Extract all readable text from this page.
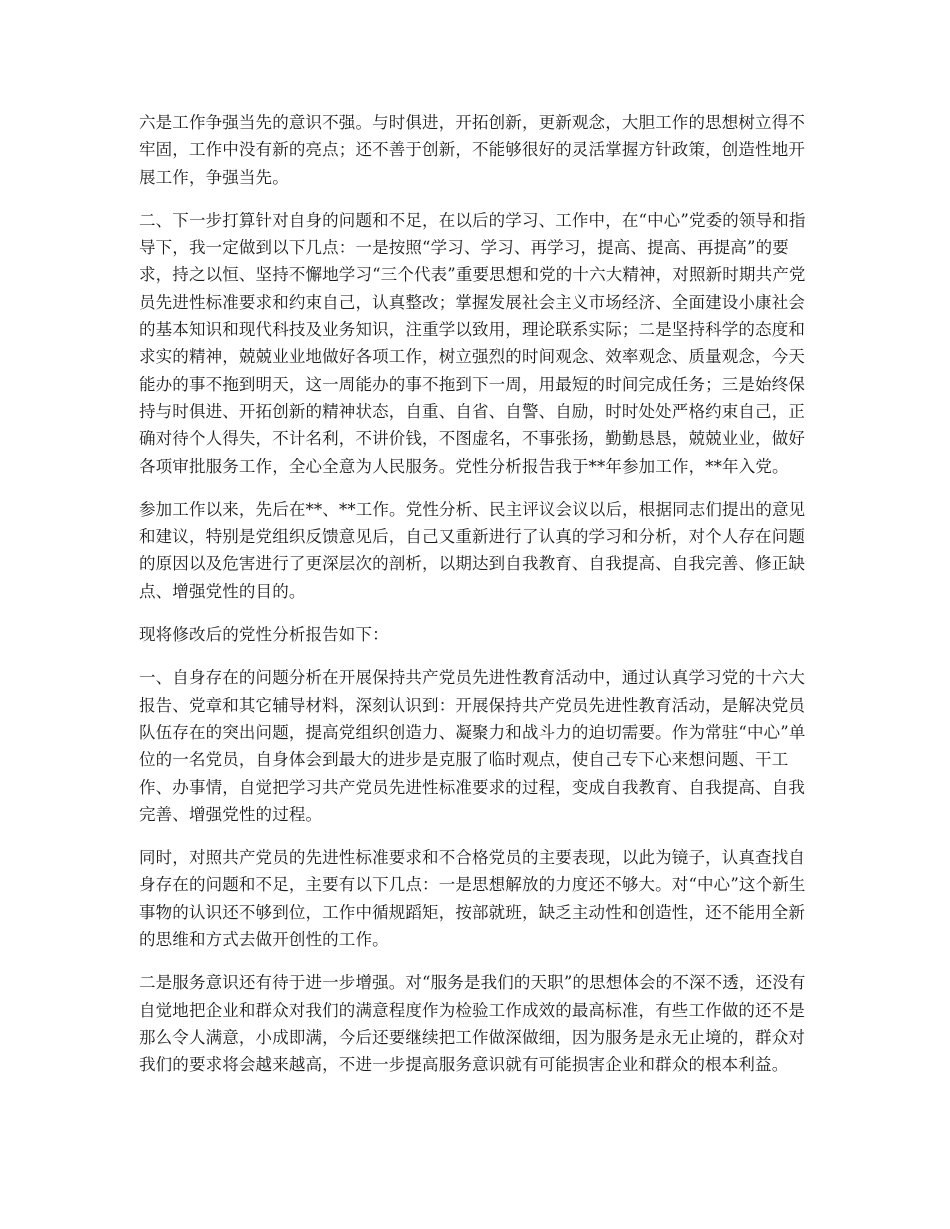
六是工作争强当先的意识不强。与时俱进，开拓创新，更新观念，大胆工作的思想树立得不牢固，工作中没有新的亮点；还不善于创新，不能够很好的灵活掌握方针政策，创造性地开展工作，争强当先。

二、下一步打算针对自身的问题和不足，在以后的学习、工作中，在“中心”党委的领导和指导下，我一定做到以下几点：一是按照“学习、学习、再学习，提高、提高、再提高”的要求，持之以恒、坚持不懈地学习“三个代表”重要思想和党的十六大精神，对照新时期共产党员先进性标准要求和约束自己，认真整改；掌握发展社会主义市场经济、全面建设小康社会的基本知识和现代科技及业务知识，注重学以致用，理论联系实际；二是坚持科学的态度和求实的精神，兢兢业业地做好各项工作，树立强烈的时间观念、效率观念、质量观念，今天能办的事不拖到明天，这一周能办的事不拖到下一周，用最短的时间完成任务；三是始终保持与时俱进、开拓创新的精神状态，自重、自省、自警、自励，时时处处严格约束自己，正确对待个人得失，不计名利，不讲价钱，不图虚名，不事张扬，勤勤恳恳，兢兢业业，做好各项审批服务工作，全心全意为人民服务。党性分析报告我于**年参加工作，**年入党。

参加工作以来，先后在**、**工作。党性分析、民主评议会议以后，根据同志们提出的意见和建议，特别是党组织反馈意见后，自己又重新进行了认真的学习和分析，对个人存在问题的原因以及危害进行了更深层次的剖析，以期达到自我教育、自我提高、自我完善、修正缺点、增强党性的目的。

现将修改后的党性分析报告如下：

一、自身存在的问题分析在开展保持共产党员先进性教育活动中，通过认真学习党的十六大报告、党章和其它辅导材料，深刻认识到：开展保持共产党员先进性教育活动，是解决党员队伍存在的突出问题，提高党组织创造力、凝聚力和战斗力的迫切需要。作为常驻“中心”单位的一名党员，自身体会到最大的进步是克服了临时观点，使自己专下心来想问题、干工作、办事情，自觉把学习共产党员先进性标准要求的过程，变成自我教育、自我提高、自我完善、增强党性的过程。

同时，对照共产党员的先进性标准要求和不合格党员的主要表现，以此为镜子，认真查找自身存在的问题和不足，主要有以下几点：一是思想解放的力度还不够大。对“中心”这个新生事物的认识还不够到位，工作中循规蹈矩，按部就班，缺乏主动性和创造性，还不能用全新的思维和方式去做开创性的工作。

二是服务意识还有待于进一步增强。对“服务是我们的天职”的思想体会的不深不透，还没有自觉地把企业和群众对我们的满意程度作为检验工作成效的最高标准，有些工作做的还不是那么令人满意，小成即满，今后还要继续把工作做深做细，因为服务是永无止境的，群众对我们的要求将会越来越高，不进一步提高服务意识就有可能损害企业和群众的根本利益。
